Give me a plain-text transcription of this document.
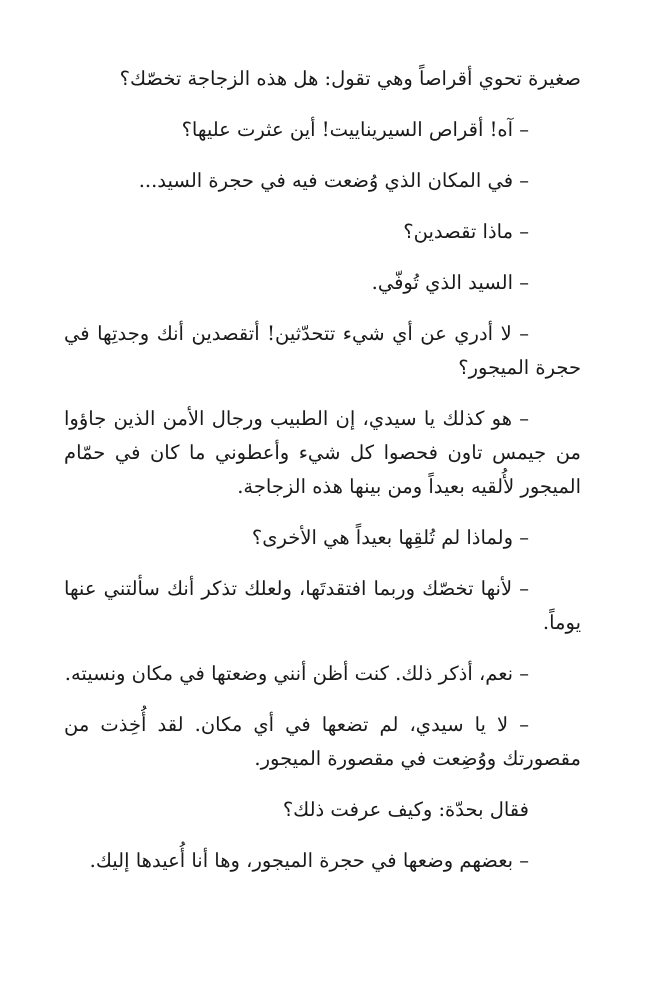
صغيرة تحوي أقراصاً وهي تقول: هل هذه الزجاجة تخصّك؟

– آه! أقراص السيريناييت! أين عثرت عليها؟

– في المكان الذي وُضعت فيه في حجرة السيد...

– ماذا تقصدين؟

– السيد الذي تُوفّي.

– لا أدري عن أي شيء تتحدّثين! أتقصدين أنك وجدتِها في حجرة الميجور؟

– هو كذلك يا سيدي، إن الطبيب ورجال الأمن الذين جاؤوا من جيمس تاون فحصوا كل شيء وأعطوني ما كان في حمّام الميجور لأُلقيه بعيداً ومن بينها هذه الزجاجة.

– ولماذا لم تُلقِها بعيداً هي الأخرى؟

– لأنها تخصّك وربما افتقدتَها، ولعلك تذكر أنك سألتني عنها يوماً.

– نعم، أذكر ذلك. كنت أظن أنني وضعتها في مكان ونسيته.

– لا يا سيدي، لم تضعها في أي مكان. لقد أُخِذت من مقصورتك ووُضِعت في مقصورة الميجور.

فقال بحدّة: وكيف عرفت ذلك؟

– بعضهم وضعها في حجرة الميجور، وها أنا أُعيدها إليك.
